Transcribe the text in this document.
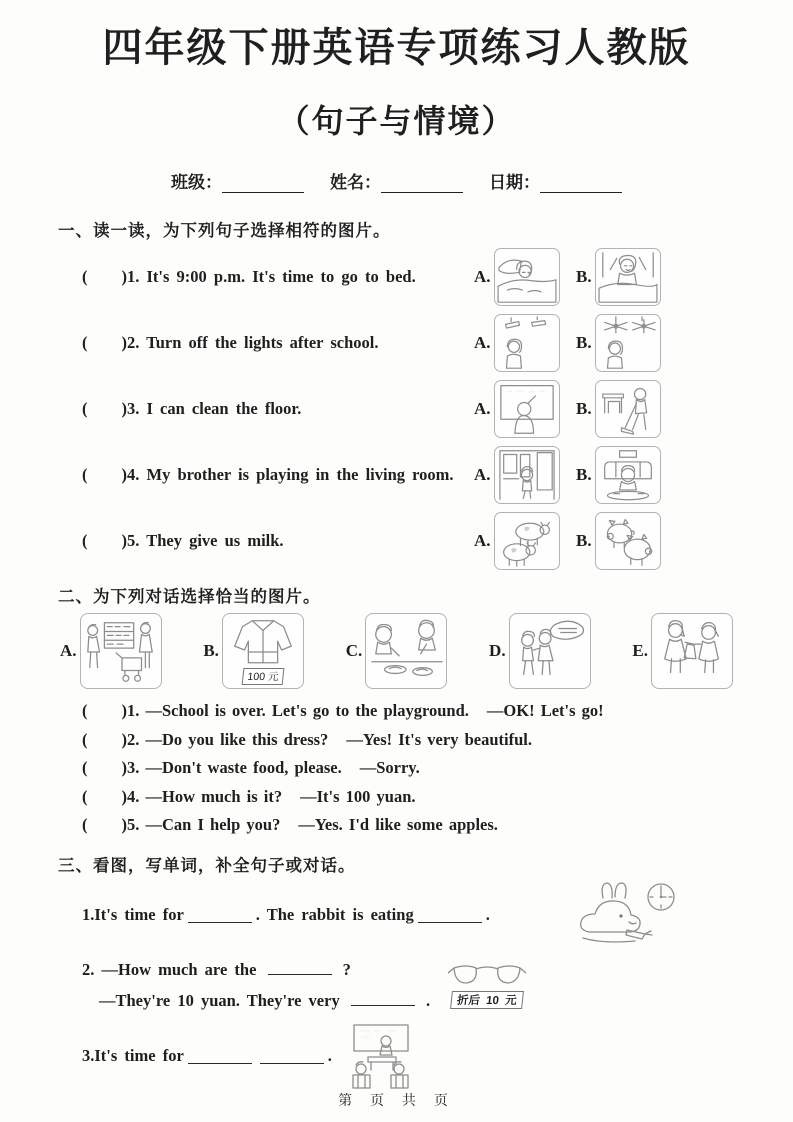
四年级下册英语专项练习人教版
（句子与情境）
班级：	姓名：	日期：
一、读一读，为下列句子选择相符的图片。
( )1. It's 9:00 p.m. It's time to go to bed.	A.	B.
( )2. Turn off the lights after school.	A.	B.
( )3. I can clean the floor.	A.	B.
( )4. My brother is playing in the living room.	A.	B.
( )5. They give us milk.	A.	B.
二、为下列对话选择恰当的图片。
A.	B.
100 元
C.	D.	E.
( )1. —School is over. Let's go to the playground. —OK! Let's go!
( )2. —Do you like this dress? —Yes! It's very beautiful.
( )3. —Don't waste food, please. —Sorry.
( )4. —How much is it? —It's 100 yuan.
( )5. —Can I help you? —Yes. I'd like some apples.
三、看图，写单词，补全句子或对话。
1. It's time for	. The rabbit is eating	.
2. —How much are the	?
—They're 10 yuan. They're very	.	折后 10 元
3. It's time for	.
第 页 共 页
